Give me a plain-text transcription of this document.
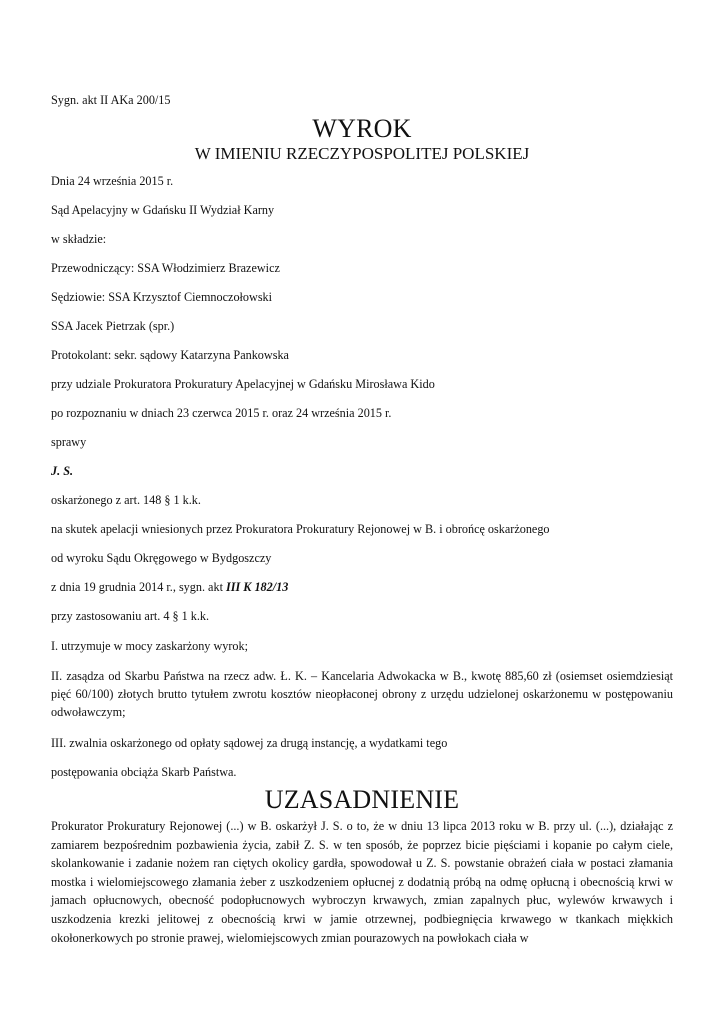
Sygn. akt II AKa 200/15
WYROK
W IMIENIU RZECZYPOSPOLITEJ POLSKIEJ
Dnia 24 września 2015 r.
Sąd Apelacyjny w Gdańsku II Wydział Karny
w składzie:
Przewodniczący: SSA Włodzimierz Brazewicz
Sędziowie: SSA Krzysztof Ciemnoczołowski
SSA Jacek Pietrzak (spr.)
Protokolant: sekr. sądowy Katarzyna Pankowska
przy udziale Prokuratora Prokuratury Apelacyjnej w Gdańsku Mirosława Kido
po rozpoznaniu w dniach 23 czerwca 2015 r. oraz 24 września 2015 r.
sprawy
J. S.
oskarżonego z art. 148 § 1 k.k.
na skutek apelacji wniesionych przez Prokuratora Prokuratury Rejonowej w B. i obrońcę oskarżonego
od wyroku Sądu Okręgowego w Bydgoszczy
z dnia 19 grudnia 2014 r., sygn. akt III K 182/13
przy zastosowaniu art. 4 § 1 k.k.
I. utrzymuje w mocy zaskarżony wyrok;
II. zasądza od Skarbu Państwa na rzecz adw. Ł. K. – Kancelaria Adwokacka w B., kwotę 885,60 zł (osiemset osiemdziesiąt pięć 60/100) złotych brutto tytułem zwrotu kosztów nieopłaconej obrony z urzędu udzielonej oskarżonemu w postępowaniu odwoławczym;
III. zwalnia oskarżonego od opłaty sądowej za drugą instancję, a wydatkami tego
postępowania obciąża Skarb Państwa.
UZASADNIENIE
Prokurator Prokuratury Rejonowej (...) w B. oskarżył J. S. o to, że w dniu 13 lipca 2013 roku w B. przy ul. (...), działając z zamiarem bezpośrednim pozbawienia życia, zabił Z. S. w ten sposób, że poprzez bicie pięściami i kopanie po całym ciele, skolankowanie i zadanie nożem ran ciętych okolicy gardła, spowodował u Z. S. powstanie obrażeń ciała w postaci złamania mostka i wielomiejscowego złamania żeber z uszkodzeniem opłucnej z dodatnią próbą na odmę opłucną i obecnością krwi w jamach opłucnowych, obecność podopłucnowych wybroczyn krwawych, zmian zapalnych płuc, wylewów krwawych i uszkodzenia krezki jelitowej z obecnością krwi w jamie otrzewnej, podbiegnięcia krwawego w tkankach miękkich okołonerkowych po stronie prawej, wielomiejscowych zmian pourazowych na powłokach ciała w
